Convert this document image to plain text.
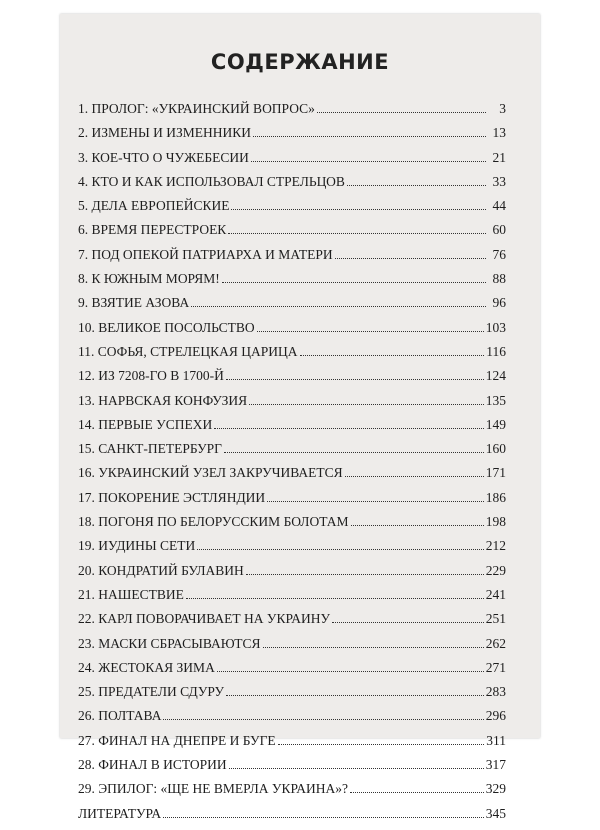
СОДЕРЖАНИЕ
1. ПРОЛОГ: «УКРАИНСКИЙ ВОПРОС»	3
2. ИЗМЕНЫ И ИЗМЕННИКИ	13
3. КОЕ-ЧТО О ЧУЖЕБЕСИИ	21
4. КТО И КАК ИСПОЛЬЗОВАЛ СТРЕЛЬЦОВ	33
5. ДЕЛА ЕВРОПЕЙСКИЕ	44
6. ВРЕМЯ ПЕРЕСТРОЕК	60
7. ПОД ОПЕКОЙ ПАТРИАРХА И МАТЕРИ	76
8. К ЮЖНЫМ МОРЯМ!	88
9. ВЗЯТИЕ АЗОВА	96
10. ВЕЛИКОЕ ПОСОЛЬСТВО	103
11. СОФЬЯ, СТРЕЛЕЦКАЯ ЦАРИЦА	116
12. ИЗ 7208-ГО В 1700-Й	124
13. НАРВСКАЯ КОНФУЗИЯ	135
14. ПЕРВЫЕ УСПЕХИ	149
15. САНКТ-ПЕТЕРБУРГ	160
16. УКРАИНСКИЙ УЗЕЛ ЗАКРУЧИВАЕТСЯ	171
17. ПОКОРЕНИЕ ЭСТЛЯНДИИ	186
18. ПОГОНЯ ПО БЕЛОРУССКИМ БОЛОТАМ	198
19. ИУДИНЫ СЕТИ	212
20. КОНДРАТИЙ БУЛАВИН	229
21. НАШЕСТВИЕ	241
22. КАРЛ ПОВОРАЧИВАЕТ НА УКРАИНУ	251
23. МАСКИ СБРАСЫВАЮТСЯ	262
24. ЖЕСТОКАЯ ЗИМА	271
25. ПРЕДАТЕЛИ СДУРУ	283
26. ПОЛТАВА	296
27. ФИНАЛ НА ДНЕПРЕ И БУГЕ	311
28. ФИНАЛ В ИСТОРИИ	317
29. ЭПИЛОГ: «ЩЕ НЕ ВМЕРЛА УКРАИНА»?	329
ЛИТЕРАТУРА	345
